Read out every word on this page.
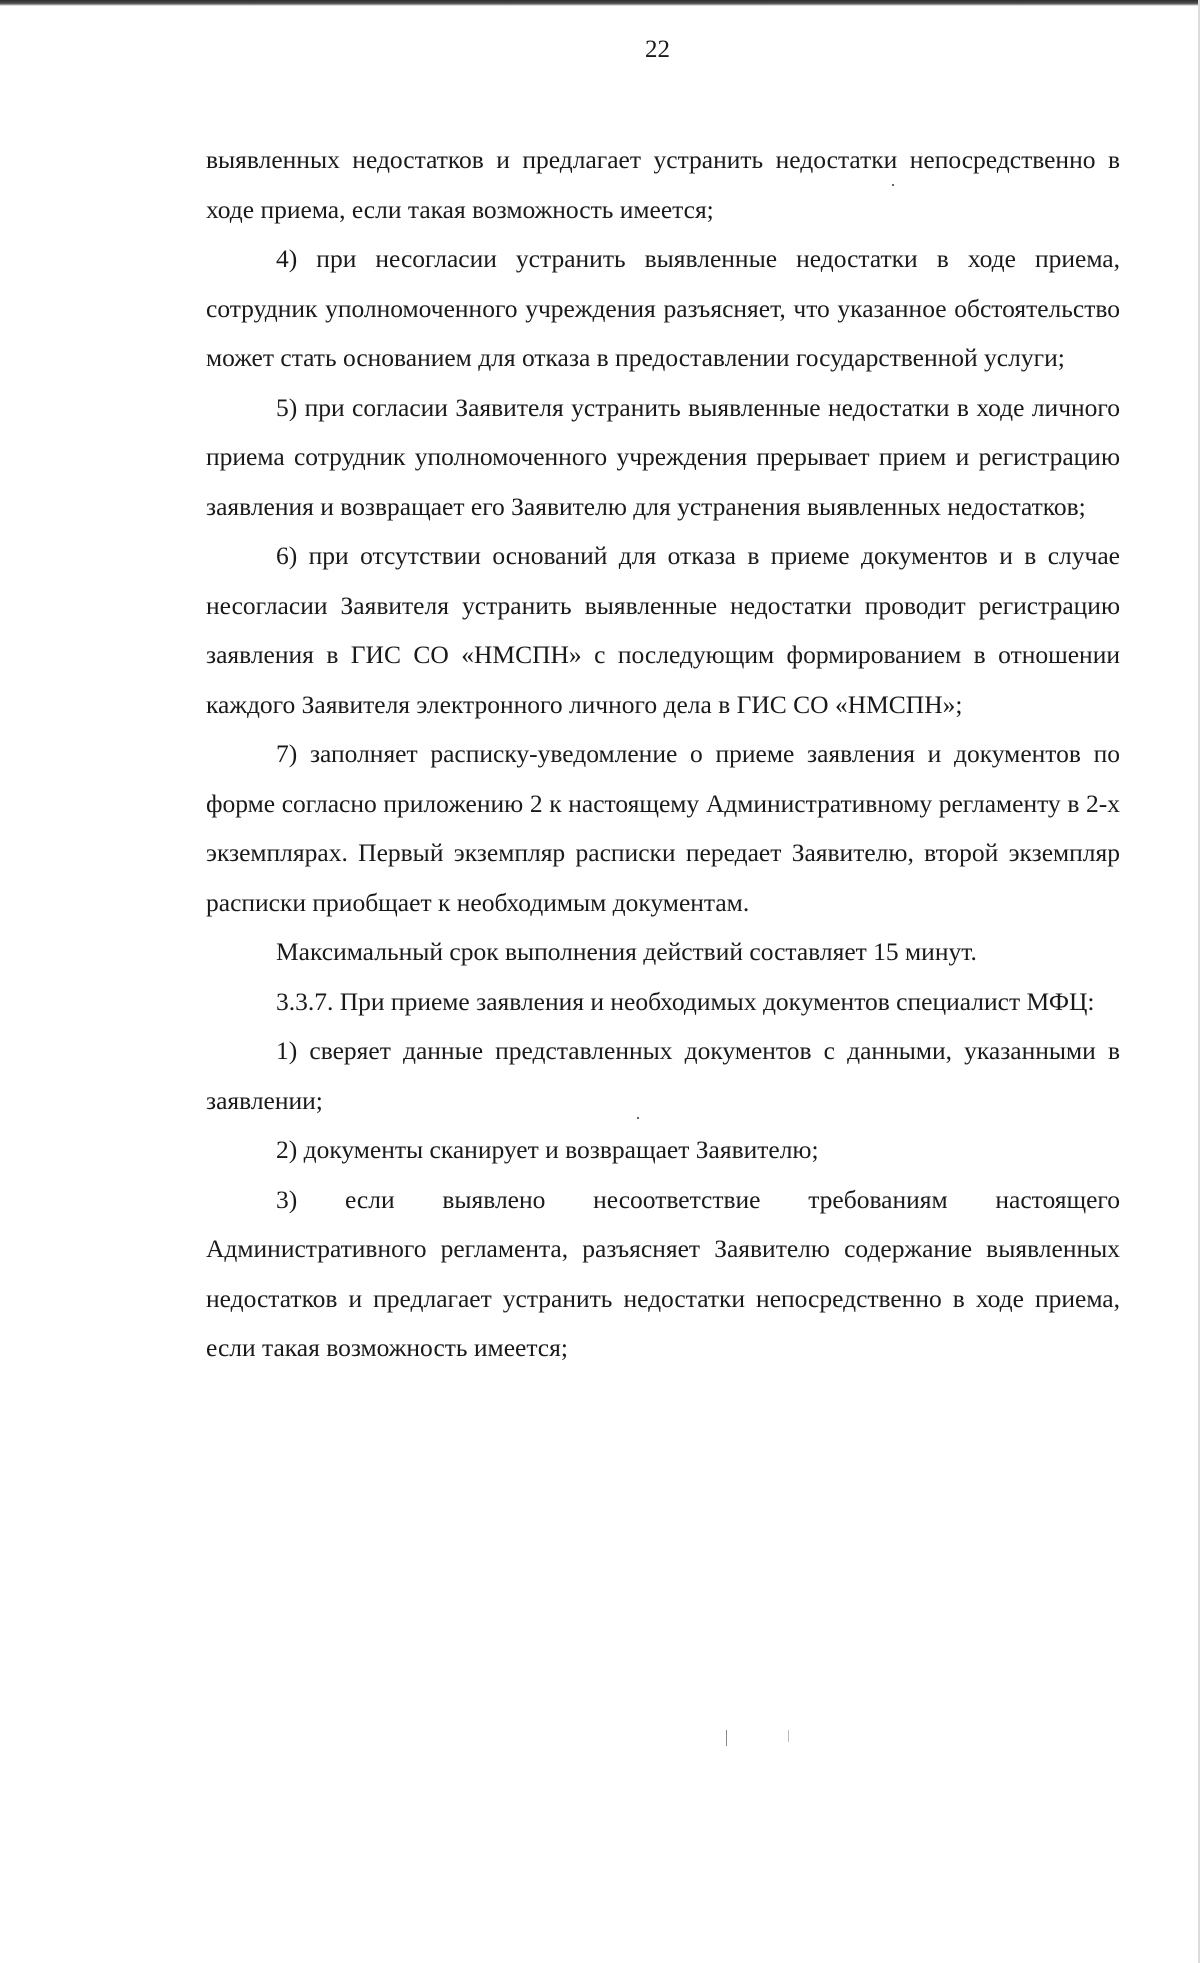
22

выявленных недостатков и предлагает устранить недостатки непосредственно в ходе приема, если такая возможность имеется;

4) при несогласии устранить выявленные недостатки в ходе приема, сотрудник уполномоченного учреждения разъясняет, что указанное обстоятельство может стать основанием для отказа в предоставлении государственной услуги;

5) при согласии Заявителя устранить выявленные недостатки в ходе личного приема сотрудник уполномоченного учреждения прерывает прием и регистрацию заявления и возвращает его Заявителю для устранения выявленных недостатков;

6) при отсутствии оснований для отказа в приеме документов и в случае несогласии Заявителя устранить выявленные недостатки проводит регистрацию заявления в ГИС СО «НМСПН» с последующим формированием в отношении каждого Заявителя электронного личного дела в ГИС СО «НМСПН»;

7) заполняет расписку-уведомление о приеме заявления и документов по форме согласно приложению 2 к настоящему Административному регламенту в 2-х экземплярах. Первый экземпляр расписки передает Заявителю, второй экземпляр расписки приобщает к необходимым документам.

Максимальный срок выполнения действий составляет 15 минут.

3.3.7. При приеме заявления и необходимых документов специалист МФЦ:

1) сверяет данные представленных документов с данными, указанными в заявлении;

2) документы сканирует и возвращает Заявителю;

3) если выявлено несоответствие требованиям настоящего Административного регламента, разъясняет Заявителю содержание выявленных недостатков и предлагает устранить недостатки непосредственно в ходе приема, если такая возможность имеется;
